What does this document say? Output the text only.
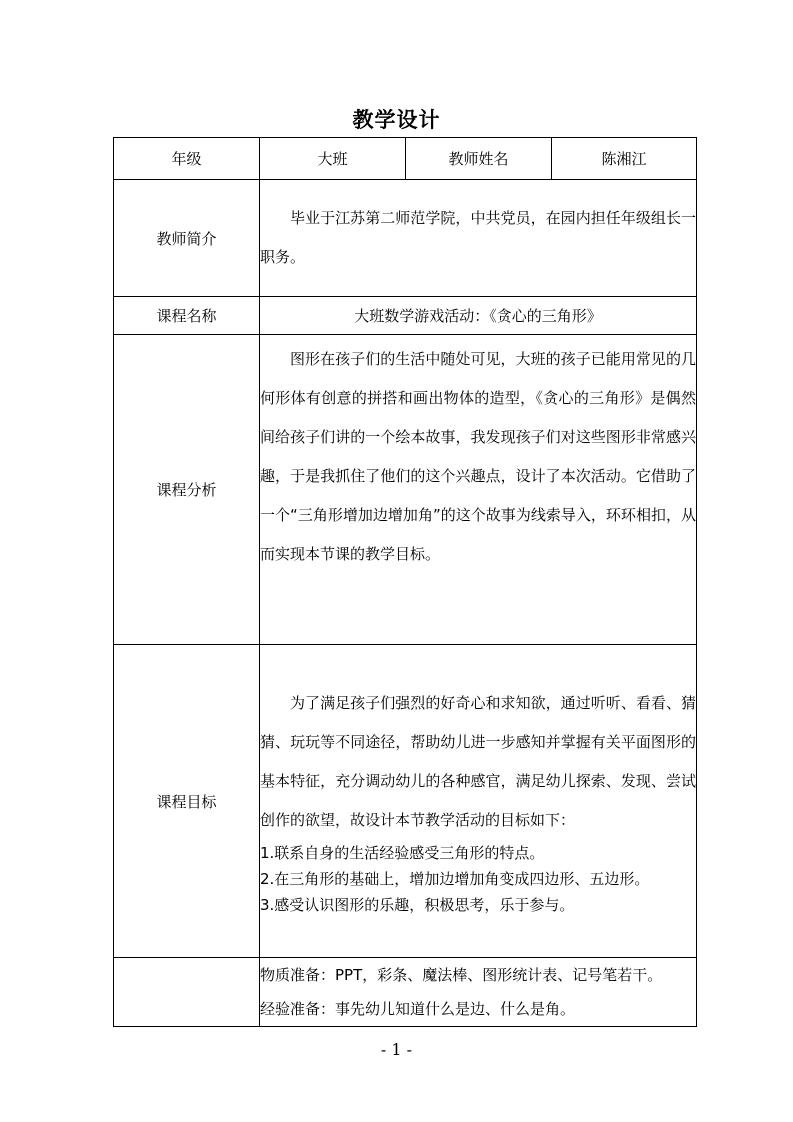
教学设计
年级	大班	教师姓名	陈湘江
教师简介	毕业于江苏第二师范学院，中共党员，在园内担任年级组长一职务。		

课程名称	大班数学游戏活动：《贪心的三角形》		
课程分析	图形在孩子们的生活中随处可见，大班的孩子已能用常见的几何形体有创意的拼搭和画出物体的造型，《贪心的三角形》是偶然间给孩子们讲的一个绘本故事，我发现孩子们对这些图形非常感兴趣，于是我抓住了他们的这个兴趣点，设计了本次活动。它借助了一个“三角形增加边增加角”的这个故事为线索导入，环环相扣，从而实现本节课的教学目标。		

课程目标	为了满足孩子们强烈的好奇心和求知欲，通过听听、看看、猜猜、玩玩等不同途径，帮助幼儿进一步感知并掌握有关平面图形的基本特征，充分调动幼儿的各种感官，满足幼儿探索、发现、尝试创作的欲望，故设计本节教学活动的目标如下：

1.联系自身的生活经验感受三角形的特点。

2.在三角形的基础上，增加边增加角变成四边形、五边形。

3.感受认识图形的乐趣，积极思考，乐于参与。		

	物质准备：PPT，彩条、魔法棒、图形统计表、记号笔若干。

经验准备：事先幼儿知道什么是边、什么是角。		

- 1 -
